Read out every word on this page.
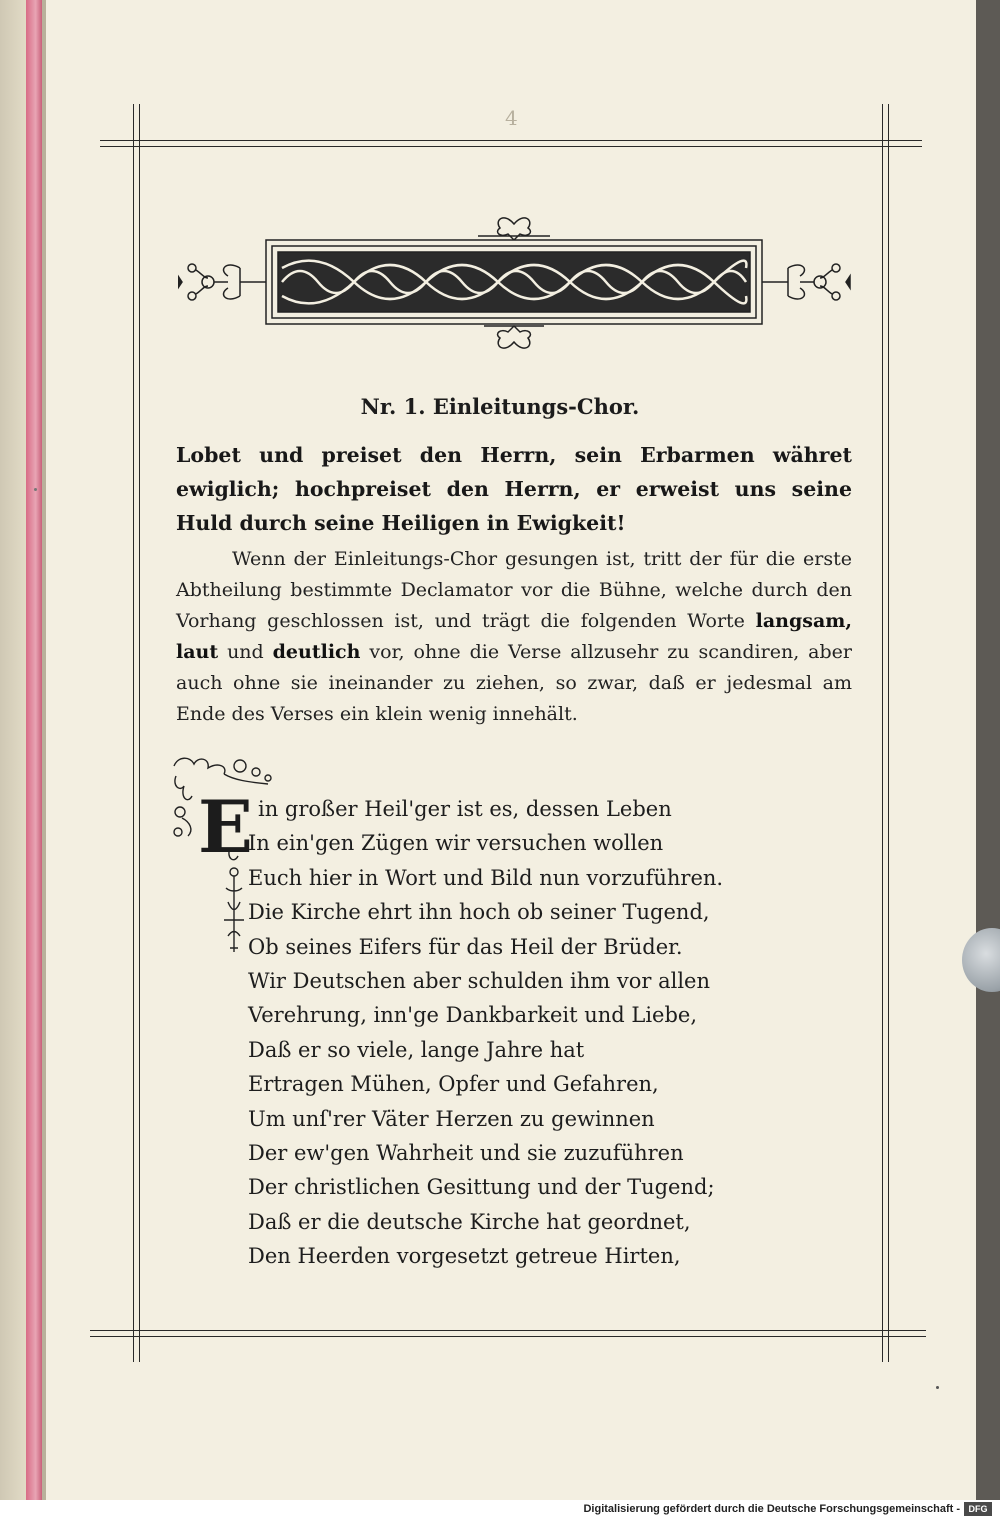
4
Nr. 1. Einleitungs-Chor.
Lobet und preiset den Herrn, sein Erbarmen währet ewiglich; hochpreiset den Herrn, er erweist uns seine Huld durch seine Heiligen in Ewigkeit!

Wenn der Einleitungs-Chor gesungen ist, tritt der für die erste Abtheilung bestimmte Declamator vor die Bühne, welche durch den Vorhang geschlossen ist, und trägt die folgenden Worte langsam, laut und deutlich vor, ohne die Verse allzusehr zu scandiren, aber auch ohne sie ineinander zu ziehen, so zwar, daß er jedesmal am Ende des Verses ein klein wenig innehält.

E in großer Heil'ger ist es, dessen Leben
In ein'gen Zügen wir versuchen wollen
Euch hier in Wort und Bild nun vorzuführen.
Die Kirche ehrt ihn hoch ob seiner Tugend,
Ob seines Eifers für das Heil der Brüder.
Wir Deutschen aber schulden ihm vor allen
Verehrung, inn'ge Dankbarkeit und Liebe,
Daß er so viele, lange Jahre hat
Ertragen Mühen, Opfer und Gefahren,
Um unſ'rer Väter Herzen zu gewinnen
Der ew'gen Wahrheit und sie zuzuführen
Der christlichen Gesittung und der Tugend;
Daß er die deutsche Kirche hat geordnet,
Den Heerden vorgesetzt getreue Hirten,
Digitalisierung gefördert durch die Deutsche Forschungsgemeinschaft - DFG
